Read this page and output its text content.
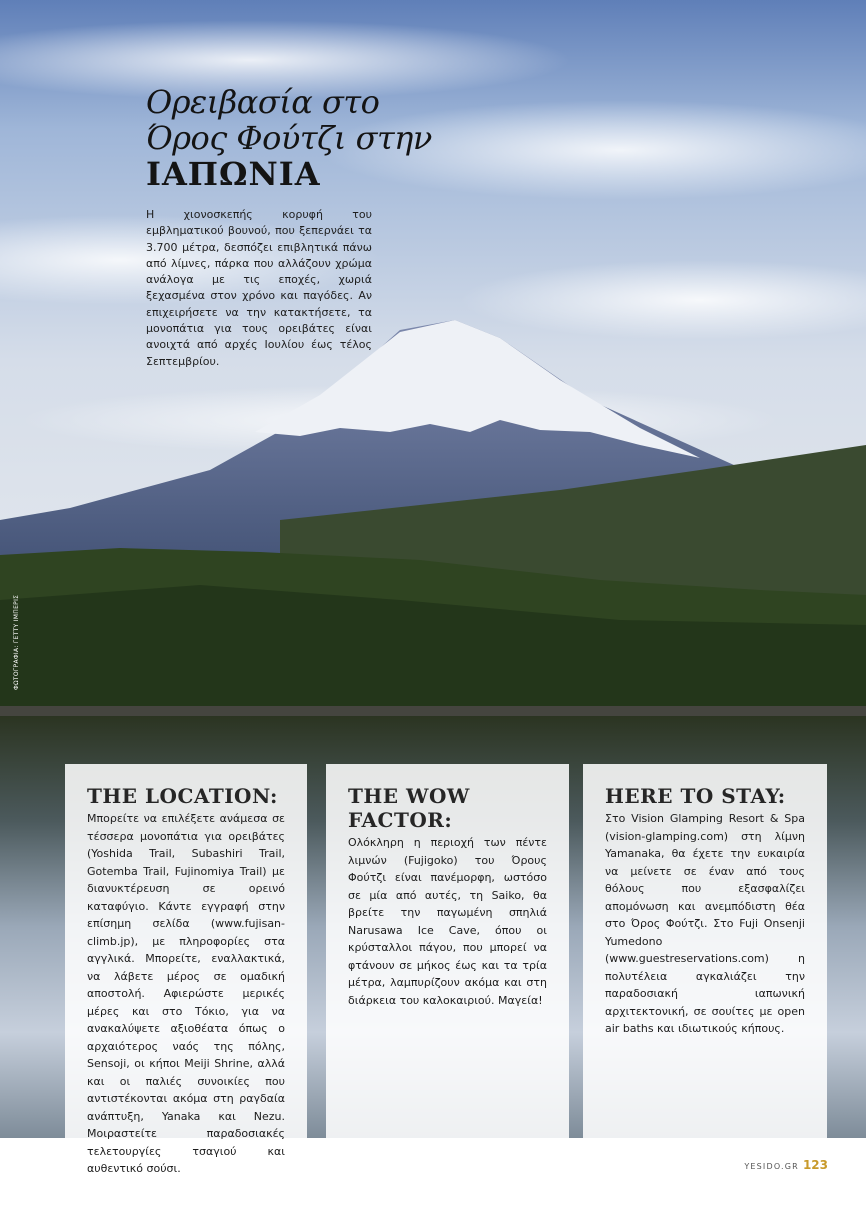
ΦΩΤΟΓΡΑΦΙΑ: ΓΕΤΤΥ ΙΜΠΕΡΙΣ
Ορειβασία στο
Όρος Φούτζι στην
ΙΑΠΩΝΙΑ

Η χιονοσκεπής κορυφή του εμβληματικού βουνού, που ξεπερνάει τα 3.700 μέτρα, δεσπόζει επιβλητικά πάνω από λίμνες, πάρκα που αλλάζουν χρώμα ανάλογα με τις εποχές, χωριά ξεχασμένα στον χρόνο και παγόδες. Αν επιχειρήσετε να την κατακτήσετε, τα μονοπάτια για τους ορειβάτες είναι ανοιχτά από αρχές Ιουλίου έως τέλος Σεπτεμβρίου.

THE LOCATION:

Μπορείτε να επιλέξετε ανάμεσα σε τέσσερα μονοπάτια για ορειβάτες (Yoshida Trail, Subashiri Trail, Gotemba Trail, Fujinomiya Trail) με διανυκτέρευση σε ορεινό καταφύγιο. Κάντε εγγραφή στην επίσημη σελίδα (www.fujisan-climb.jp), με πληροφορίες στα αγγλικά. Μπορείτε, εναλλακτικά, να λάβετε μέρος σε ομαδική αποστολή. Αφιερώστε μερικές μέρες και στο Τόκιο, για να ανακαλύψετε αξιοθέατα όπως ο αρχαιότερος ναός της πόλης, Sensoji, οι κήποι Meiji Shrine, αλλά και οι παλιές συνοικίες που αντιστέκονται ακόμα στη ραγδαία ανάπτυξη, Yanaka και Nezu. Μοιραστείτε παραδοσιακές τελετουργίες τσαγιού και αυθεντικό σούσι.

THE WOW FACTOR:

Ολόκληρη η περιοχή των πέντε λιμνών (Fujigoko) του Όρους Φούτζι είναι πανέμορφη, ωστόσο σε μία από αυτές, τη Saiko, θα βρείτε την παγωμένη σπηλιά Narusawa Ice Cave, όπου οι κρύσταλλοι πάγου, που μπορεί να φτάνουν σε μήκος έως και τα τρία μέτρα, λαμπυρίζουν ακόμα και στη διάρκεια του καλοκαιριού. Μαγεία!

HERE TO STAY:

Στο Vision Glamping Resort & Spa (vision-glamping.com) στη λίμνη Yamanaka, θα έχετε την ευκαιρία να μείνετε σε έναν από τους θόλους που εξασφαλίζει απομόνωση και ανεμπόδιστη θέα στο Όρος Φούτζι. Στο Fuji Onsenji Yumedono (www.guestreservations.com) η πολυτέλεια αγκαλιάζει την παραδοσιακή ιαπωνική αρχιτεκτονική, σε σουίτες με open air baths και ιδιωτικούς κήπους.

YESIDO.GR 123
